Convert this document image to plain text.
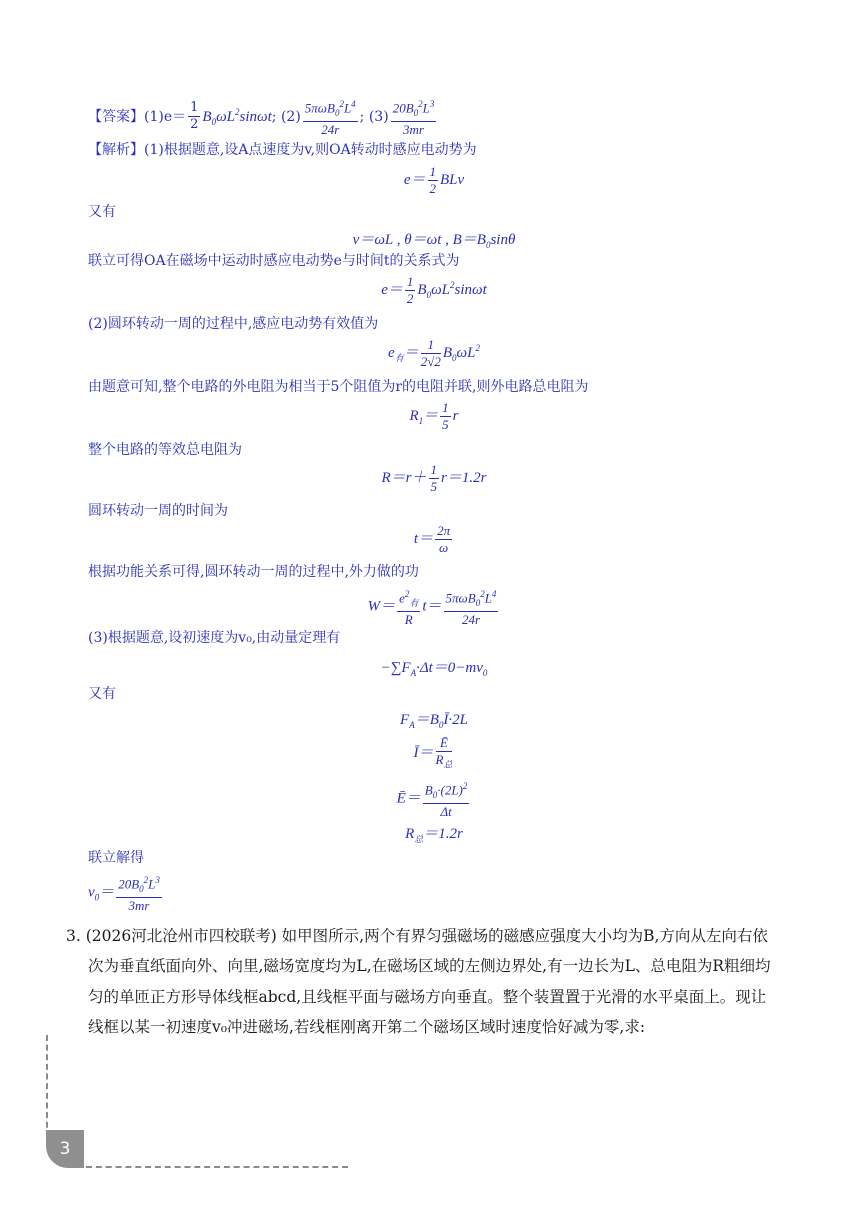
【答案】$(1)e= \frac{1}{2} B_0\omega L^2\sin\omega t$; $(2) \frac{5\pi\omega B_0^2L^4}{24r}$ ; $(3) \frac{20B_0^2L^3}{3mr}$
【解析】(1)根据题意,设A点速度为v,则OA转动时感应电动势为
$e= \frac{1}{2}$ BLv
又有
v＝ωL , θ＝ωt , $B=B_0\sin\theta$
联立可得OA在磁场中运动时感应电动势e与时间t的关系式为
$e= \frac{1}{2} B_0\omega L^2\sin\omega t$
(2)圆环转动一周的过程中,感应电动势有效值为
$e_有= \frac{1}{2√2} B_0\omega L^2$
由题意可知,整个电路的外电阻为相当于5个阻值为r的电阻并联,则外电路总电阻为
$R_1= \frac{1}{5}$ r
整个电路的等效总电阻为
$R=r+ \frac{1}{5} r=1.2r$
圆环转动一周的时间为
$t= \frac{2\pi}{\omega}$
根据功能关系可得,圆环转动一周的过程中,外力做的功
$W= \frac{e^2_有}{R} t= \frac{5\pi\omega B_0^2L^4}{24r}$
(3)根据题意,设初速度为v₀,由动量定理有
$-\sum F_A\cdot\Delta t=0-mv_0$
又有
$F_A=B_0Ī\cdot 2L$
Ī＝ $\frac{Ē}{R_总}$
Ē＝ $\frac{B_0\cdot(2L)^2}{\Delta t}$
$R_总=1.2r$
联立解得
$v_0= \frac{20B_0^2L^3}{3mr}$
3. (2026河北沧州市四校联考) 如甲图所示,两个有界匀强磁场的磁感应强度大小均为B,方向从左向右依
次为垂直纸面向外、向里,磁场宽度均为L,在磁场区域的左侧边界处,有一边长为L、总电阻为R粗细均
匀的单匝正方形导体线框abcd,且线框平面与磁场方向垂直。整个装置置于光滑的水平桌面上。现让
线框以某一初速度v₀冲进磁场,若线框刚离开第二个磁场区域时速度恰好减为零,求:
3
